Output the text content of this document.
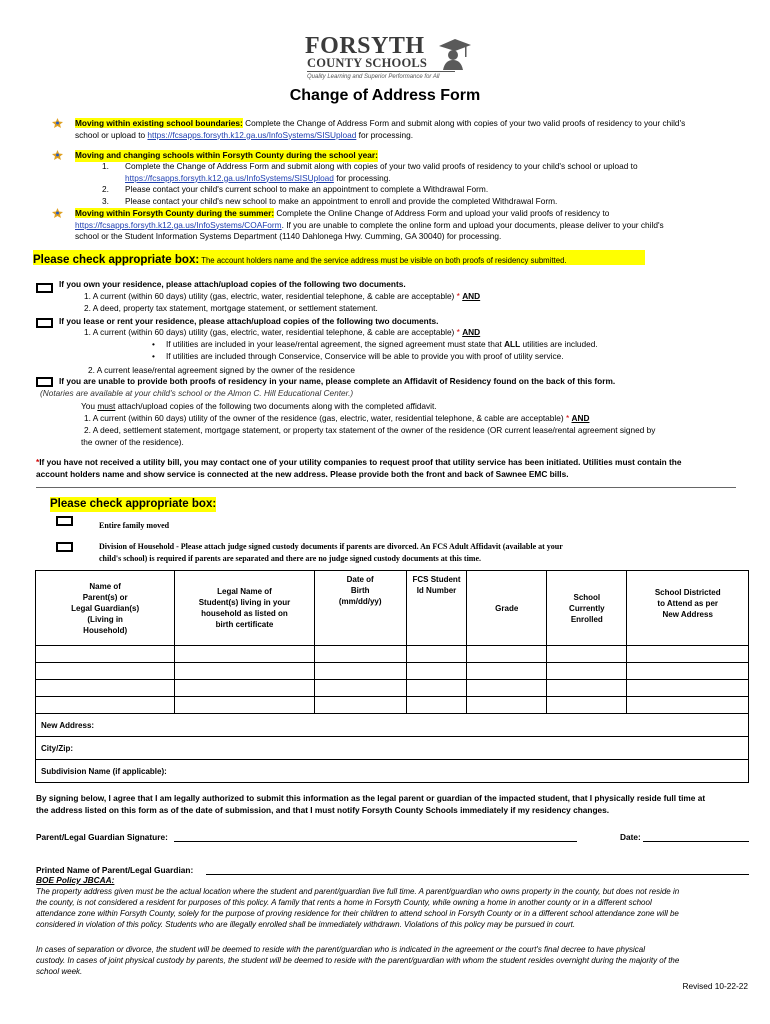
FORSYTH
COUNTY SCHOOLS
Quality Learning and Superior Performance for All
Change of Address Form
Moving within existing school boundaries: Complete the Change of Address Form and submit along with copies of your two valid proofs of residency to your child's
school or upload to https://fcsapps.forsyth.k12.ga.us/InfoSystems/SISUpload for processing.
Moving and changing schools within Forsyth County during the school year:
1. Complete the Change of Address Form and submit along with copies of your two valid proofs of residency to your child's school or upload to
https://fcsapps.forsyth.k12.ga.us/InfoSystems/SISUpload for processing.
2. Please contact your child's current school to make an appointment to complete a Withdrawal Form.
3. Please contact your child's new school to make an appointment to enroll and provide the completed Withdrawal Form.
Moving within Forsyth County during the summer: Complete the Online Change of Address Form and upload your valid proofs of residency to
https://fcsapps.forsyth.k12.ga.us/InfoSystems/COAForm. If you are unable to complete the online form and upload your documents, please deliver to your child's
school or the Student Information Systems Department (1140 Dahlonega Hwy. Cumming, GA 30040) for processing.
Please check appropriate box: The account holders name and the service address must be visible on both proofs of residency submitted.
If you own your residence, please attach/upload copies of the following two documents.
1. A current (within 60 days) utility (gas, electric, water, residential telephone, & cable are acceptable) * AND
2. A deed, property tax statement, mortgage statement, or settlement statement.
If you lease or rent your residence, please attach/upload copies of the following two documents.
1. A current (within 60 days) utility (gas, electric, water, residential telephone, & cable are acceptable) * AND
• If utilities are included in your lease/rental agreement, the signed agreement must state that ALL utilities are included.
• If utilities are included through Conservice, Conservice will be able to provide you with proof of utility service.
2. A current lease/rental agreement signed by the owner of the residence
If you are unable to provide both proofs of residency in your name, please complete an Affidavit of Residency found on the back of this form.
(Notaries are available at your child's school or the Almon C. Hill Educational Center.)
You must attach/upload copies of the following two documents along with the completed affidavit.
1. A current (within 60 days) utility of the owner of the residence (gas, electric, water, residential telephone, & cable are acceptable) * AND
2. A deed, settlement statement, mortgage statement, or property tax statement of the owner of the residence (OR current lease/rental agreement signed by
the owner of the residence).
*If you have not received a utility bill, you may contact one of your utility companies to request proof that utility service has been initiated. Utilities must contain the
account holders name and show service is connected at the new address. Please provide both the front and back of Sawnee EMC bills.
Please check appropriate box:
Entire family moved
Division of Household - Please attach judge signed custody documents if parents are divorced. An FCS Adult Affidavit (available at your
child's school) is required if parents are separated and there are no judge signed custody documents at this time.
Name of
Parent(s) or
Legal Guardian(s)
(Living in
Household)	Legal Name of
Student(s) living in your
household as listed on
birth certificate	Date of
Birth
(mm/dd/yy)	FCS Student
Id Number	Grade	School
Currently
Enrolled	School Districted
to Attend as per
New Address

New Address:						
City/Zip:						
Subdivision Name (if applicable):						
By signing below, I agree that I am legally authorized to submit this information as the legal parent or guardian of the impacted student, that I physically reside full time at
the address listed on this form as of the date of submission, and that I must notify Forsyth County Schools immediately if my residency changes.
Parent/Legal Guardian Signature:	Date:
Printed Name of Parent/Legal Guardian:
BOE Policy JBCAA:
The property address given must be the actual location where the student and parent/guardian live full time. A parent/guardian who owns property in the county, but does not reside in
the county, is not considered a resident for purposes of this policy. A family that rents a home in Forsyth County, while owning a home in another county or in a different school
attendance zone within Forsyth County, solely for the purpose of proving residence for their children to attend school in Forsyth County or in a different school attendance zone will be
considered in violation of this policy. Students who are illegally enrolled shall be immediately withdrawn. Violations of this policy may be pursued in court.
In cases of separation or divorce, the student will be deemed to reside with the parent/guardian who is indicated in the agreement or the court's final decree to have physical
custody. In cases of joint physical custody by parents, the student will be deemed to reside with the parent/guardian with whom the student resides overnight during the majority of the
school week.
Revised 10-22-22
